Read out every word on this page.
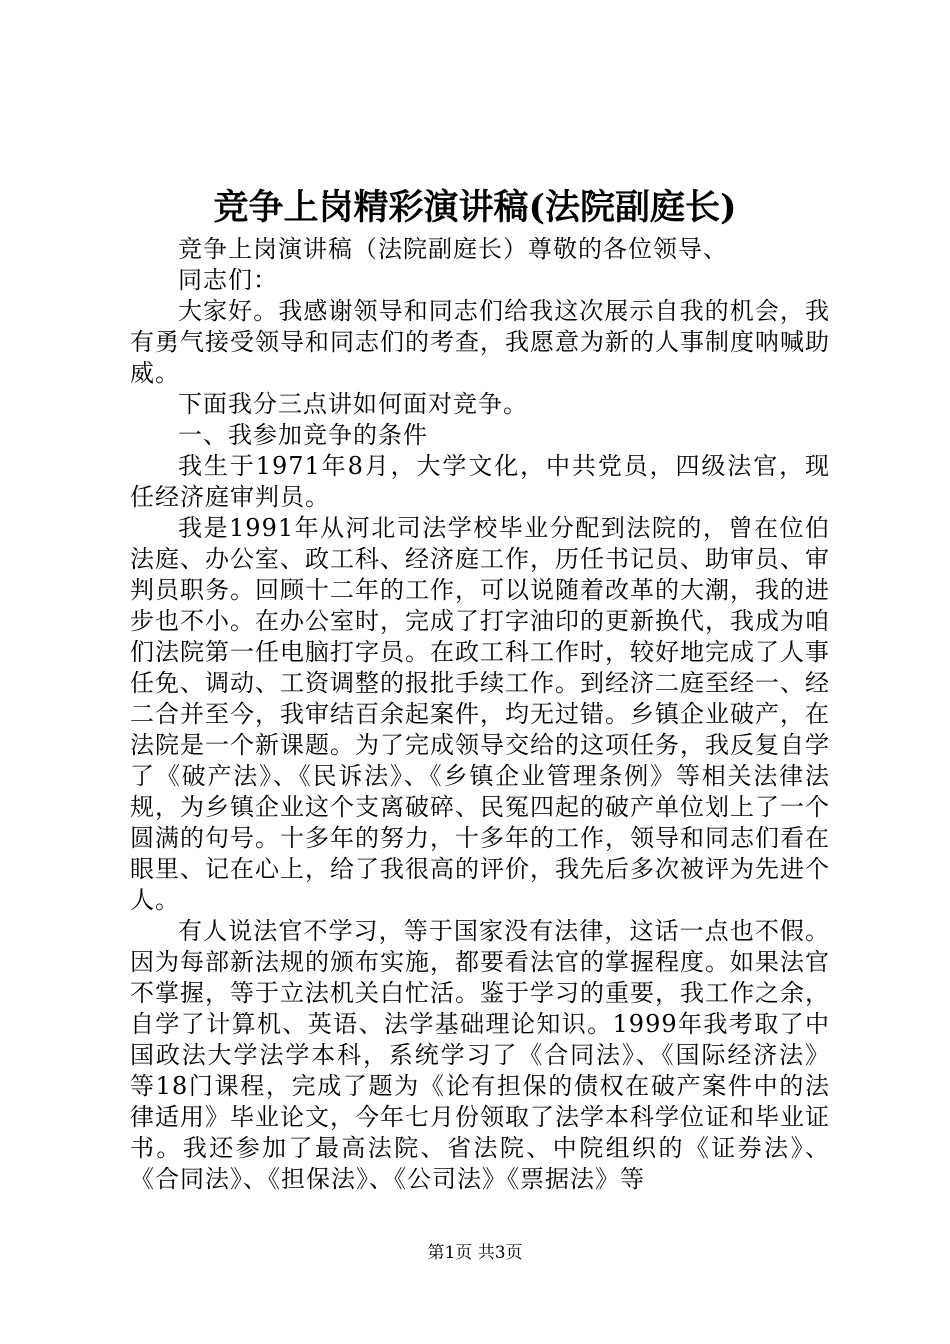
竞争上岗精彩演讲稿(法院副庭长)

竞争上岗演讲稿（法院副庭长）尊敬的各位领导、

同志们：

大家好。我感谢领导和同志们给我这次展示自我的机会，我有勇气接受领导和同志们的考查，我愿意为新的人事制度呐喊助威。

下面我分三点讲如何面对竞争。

一、我参加竞争的条件

我生于1971年8月，大学文化，中共党员，四级法官，现任经济庭审判员。

我是1991年从河北司法学校毕业分配到法院的，曾在位伯法庭、办公室、政工科、经济庭工作，历任书记员、助审员、审判员职务。回顾十二年的工作，可以说随着改革的大潮，我的进步也不小。在办公室时，完成了打字油印的更新换代，我成为咱们法院第一任电脑打字员。在政工科工作时，较好地完成了人事任免、调动、工资调整的报批手续工作。到经济二庭至经一、经二合并至今，我审结百余起案件，均无过错。乡镇企业破产，在法院是一个新课题。为了完成领导交给的这项任务，我反复自学了《破产法》、《民诉法》、《乡镇企业管理条例》等相关法律法规，为乡镇企业这个支离破碎、民冤四起的破产单位划上了一个圆满的句号。十多年的努力，十多年的工作，领导和同志们看在眼里、记在心上，给了我很高的评价，我先后多次被评为先进个人。

有人说法官不学习，等于国家没有法律，这话一点也不假。因为每部新法规的颁布实施，都要看法官的掌握程度。如果法官不掌握，等于立法机关白忙活。鉴于学习的重要，我工作之余，自学了计算机、英语、法学基础理论知识。1999年我考取了中国政法大学法学本科，系统学习了《合同法》、《国际经济法》等18门课程，完成了题为《论有担保的债权在破产案件中的法律适用》毕业论文，今年七月份领取了法学本科学位证和毕业证书。我还参加了最高法院、省法院、中院组织的《证券法》、《合同法》、《担保法》、《公司法》《票据法》等

第1页 共3页
